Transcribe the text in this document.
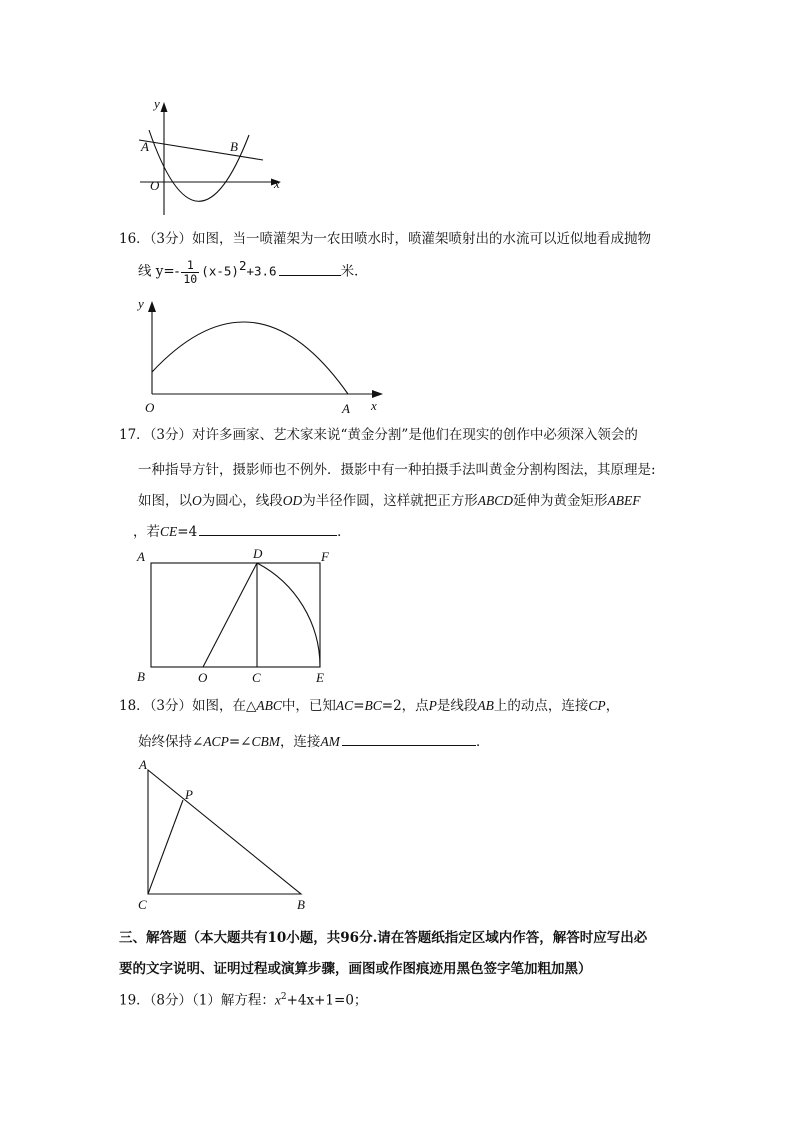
y
x
O
A	B
16．（3分）如图，当一喷灌架为一农田喷水时，喷灌架喷射出的水流可以近似地看成抛物
线 $y=- \frac{1}{10} (x-5)^2+3.6$	米．
y
x
O	A
17．（3分）对许多画家、艺术家来说“黄金分割”是他们在现实的创作中必须深入领会的
一种指导方针，摄影师也不例外．摄影中有一种拍摄手法叫黄金分割构图法，其原理是:
如图，以O为圆心，线段OD为半径作圆，这样就把正方形ABCD延伸为黄金矩形ABEF
，若CE=4	．
A	D	F
B	O	C	E
18．（3分）如图，在△ABC中，已知AC=BC=2，点P是线段AB上的动点，连接CP，
始终保持∠ACP=∠CBM，连接AM	．
A
P
C	B
三、解答题（本大题共有10小题，共96分.请在答题纸指定区域内作答，解答时应写出必
要的文字说明、证明过程或演算步骤，画图或作图痕迹用黑色签字笔加粗加黑）
19．（8分）（1）解方程：$x^2+4x+1=0$；
